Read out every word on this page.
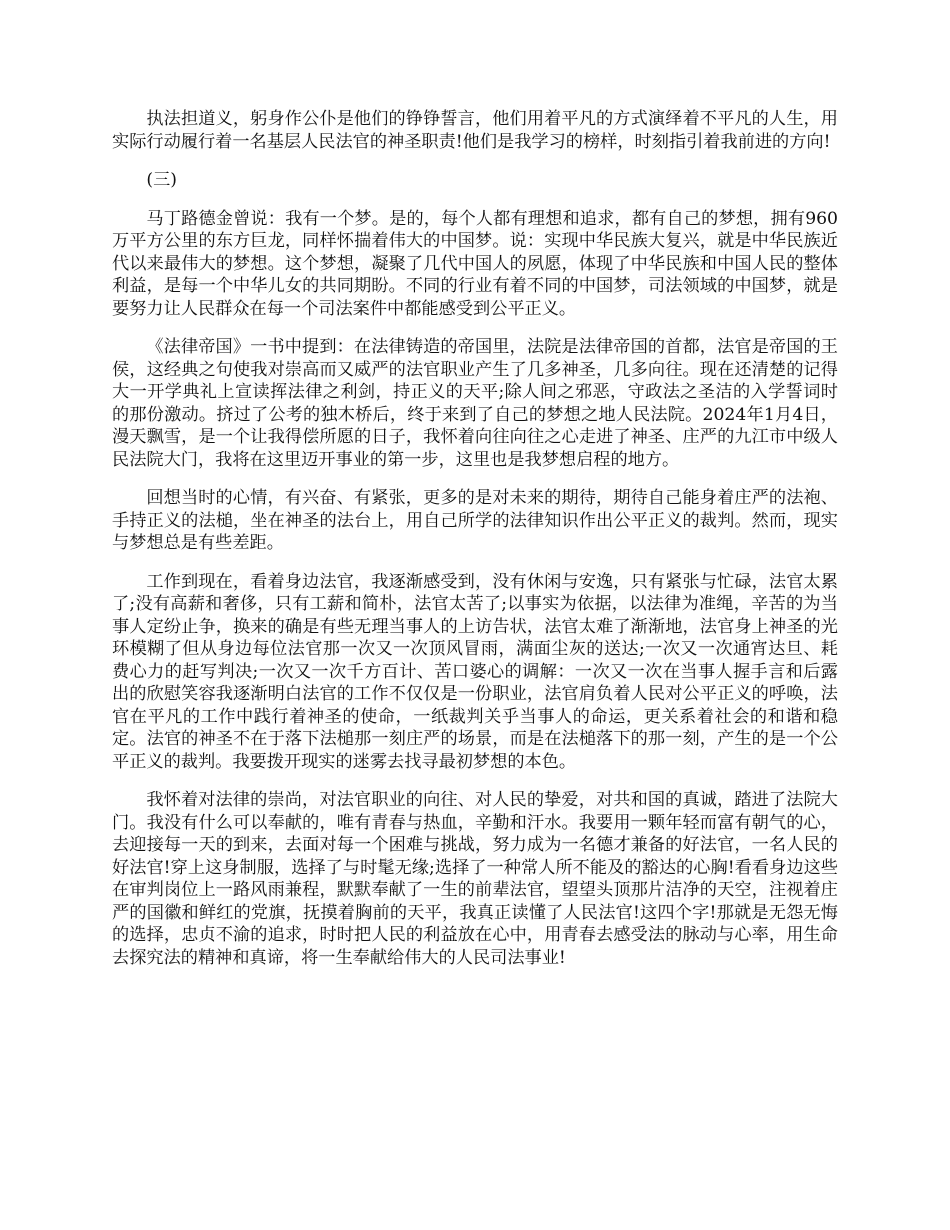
执法担道义，躬身作公仆是他们的铮铮誓言，他们用着平凡的方式演绎着不平凡的人生，用实际行动履行着一名基层人民法官的神圣职责!他们是我学习的榜样，时刻指引着我前进的方向!

(三)

马丁路德金曾说：我有一个梦。是的，每个人都有理想和追求，都有自己的梦想，拥有960万平方公里的东方巨龙，同样怀揣着伟大的中国梦。说：实现中华民族大复兴，就是中华民族近代以来最伟大的梦想。这个梦想，凝聚了几代中国人的夙愿，体现了中华民族和中国人民的整体利益，是每一个中华儿女的共同期盼。不同的行业有着不同的中国梦，司法领域的中国梦，就是要努力让人民群众在每一个司法案件中都能感受到公平正义。

《法律帝国》一书中提到：在法律铸造的帝国里，法院是法律帝国的首都，法官是帝国的王侯，这经典之句使我对崇高而又威严的法官职业产生了几多神圣，几多向往。现在还清楚的记得大一开学典礼上宣读挥法律之利剑，持正义的天平;除人间之邪恶，守政法之圣洁的入学誓词时的那份激动。挤过了公考的独木桥后，终于来到了自己的梦想之地人民法院。2024年1月4日，漫天飘雪，是一个让我得偿所愿的日子，我怀着向往向往之心走进了神圣、庄严的九江市中级人民法院大门，我将在这里迈开事业的第一步，这里也是我梦想启程的地方。

回想当时的心情，有兴奋、有紧张，更多的是对未来的期待，期待自己能身着庄严的法袍、手持正义的法槌，坐在神圣的法台上，用自己所学的法律知识作出公平正义的裁判。然而，现实与梦想总是有些差距。

工作到现在，看着身边法官，我逐渐感受到，没有休闲与安逸，只有紧张与忙碌，法官太累了;没有高薪和奢侈，只有工薪和简朴，法官太苦了;以事实为依据，以法律为准绳，辛苦的为当事人定纷止争，换来的确是有些无理当事人的上访告状，法官太难了渐渐地，法官身上神圣的光环模糊了但从身边每位法官那一次又一次顶风冒雨，满面尘灰的送达;一次又一次通宵达旦、耗费心力的赶写判决;一次又一次千方百计、苦口婆心的调解：一次又一次在当事人握手言和后露出的欣慰笑容我逐渐明白法官的工作不仅仅是一份职业，法官肩负着人民对公平正义的呼唤，法官在平凡的工作中践行着神圣的使命，一纸裁判关乎当事人的命运，更关系着社会的和谐和稳定。法官的神圣不在于落下法槌那一刻庄严的场景，而是在法槌落下的那一刻，产生的是一个公平正义的裁判。我要拨开现实的迷雾去找寻最初梦想的本色。

我怀着对法律的崇尚，对法官职业的向往、对人民的挚爱，对共和国的真诚，踏进了法院大门。我没有什么可以奉献的，唯有青春与热血，辛勤和汗水。我要用一颗年轻而富有朝气的心，去迎接每一天的到来，去面对每一个困难与挑战，努力成为一名德才兼备的好法官，一名人民的好法官!穿上这身制服，选择了与时髦无缘;选择了一种常人所不能及的豁达的心胸!看看身边这些在审判岗位上一路风雨兼程，默默奉献了一生的前辈法官，望望头顶那片洁净的天空，注视着庄严的国徽和鲜红的党旗，抚摸着胸前的天平，我真正读懂了人民法官!这四个字!那就是无怨无悔的选择，忠贞不渝的追求，时时把人民的利益放在心中，用青春去感受法的脉动与心率，用生命去探究法的精神和真谛，将一生奉献给伟大的人民司法事业!
